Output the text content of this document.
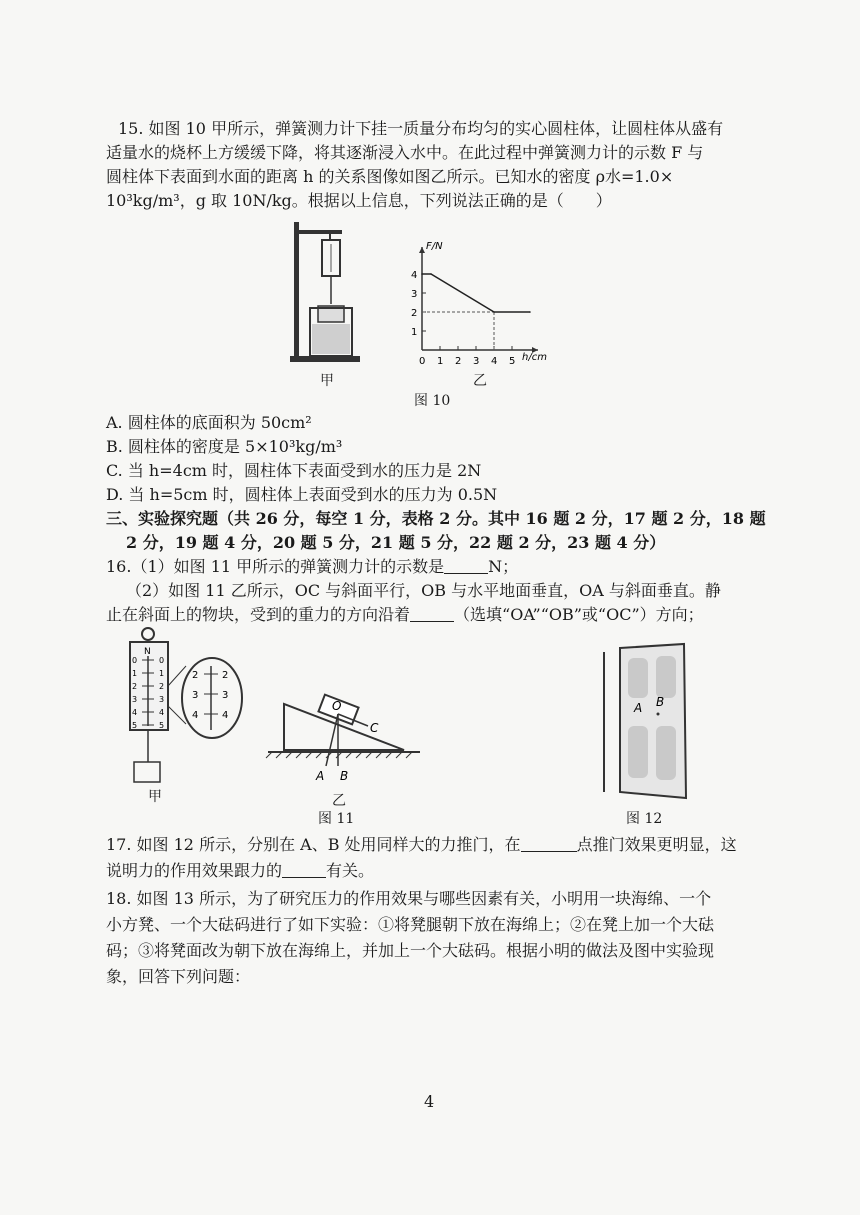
15. 如图 10 甲所示，弹簧测力计下挂一质量分布均匀的实心圆柱体，让圆柱体从盛有
适量水的烧杯上方缓缓下降，将其逐渐浸入水中。在此过程中弹簧测力计的示数 F 与
圆柱体下表面到水面的距离 h 的关系图像如图乙所示。已知水的密度 ρ水=1.0×
10³kg/m³，g 取 10N/kg。根据以上信息，下列说法正确的是（　　）
F/N
h/cm
0 1 2 3 4 5
1
2
3
4
甲	乙
图 10
A. 圆柱体的底面积为 50cm²
B. 圆柱体的密度是 5×10³kg/m³
C. 当 h=4cm 时，圆柱体下表面受到水的压力是 2N
D. 当 h=5cm 时，圆柱体上表面受到水的压力为 0.5N
三、实验探究题（共 26 分，每空 1 分，表格 2 分。其中 16 题 2 分，17 题 2 分，18 题
2 分，19 题 4 分，20 题 5 分，21 题 5 分，22 题 2 分，23 题 4 分）
16.（1）如图 11 甲所示的弹簧测力计的示数是	N；
（2）如图 11 乙所示，OC 与斜面平行，OB 与水平地面垂直，OA 与斜面垂直。静
止在斜面上的物块，受到的重力的方向沿着	（选填“OA”“OB”或“OC”）方向；
N
0	0
1	1
2	2
3	3
4	4
5	5
2 2
3 3
4 4
O
C
A B
甲	乙
图 11
A B
图 12
17. 如图 12 所示，分别在 A、B 处用同样大的力推门，在	点推门效果更明显，这
说明力的作用效果跟力的	有关。
18. 如图 13 所示，为了研究压力的作用效果与哪些因素有关，小明用一块海绵、一个
小方凳、一个大砝码进行了如下实验：①将凳腿朝下放在海绵上；②在凳上加一个大砝
码；③将凳面改为朝下放在海绵上，并加上一个大砝码。根据小明的做法及图中实验现
象，回答下列问题：
4
